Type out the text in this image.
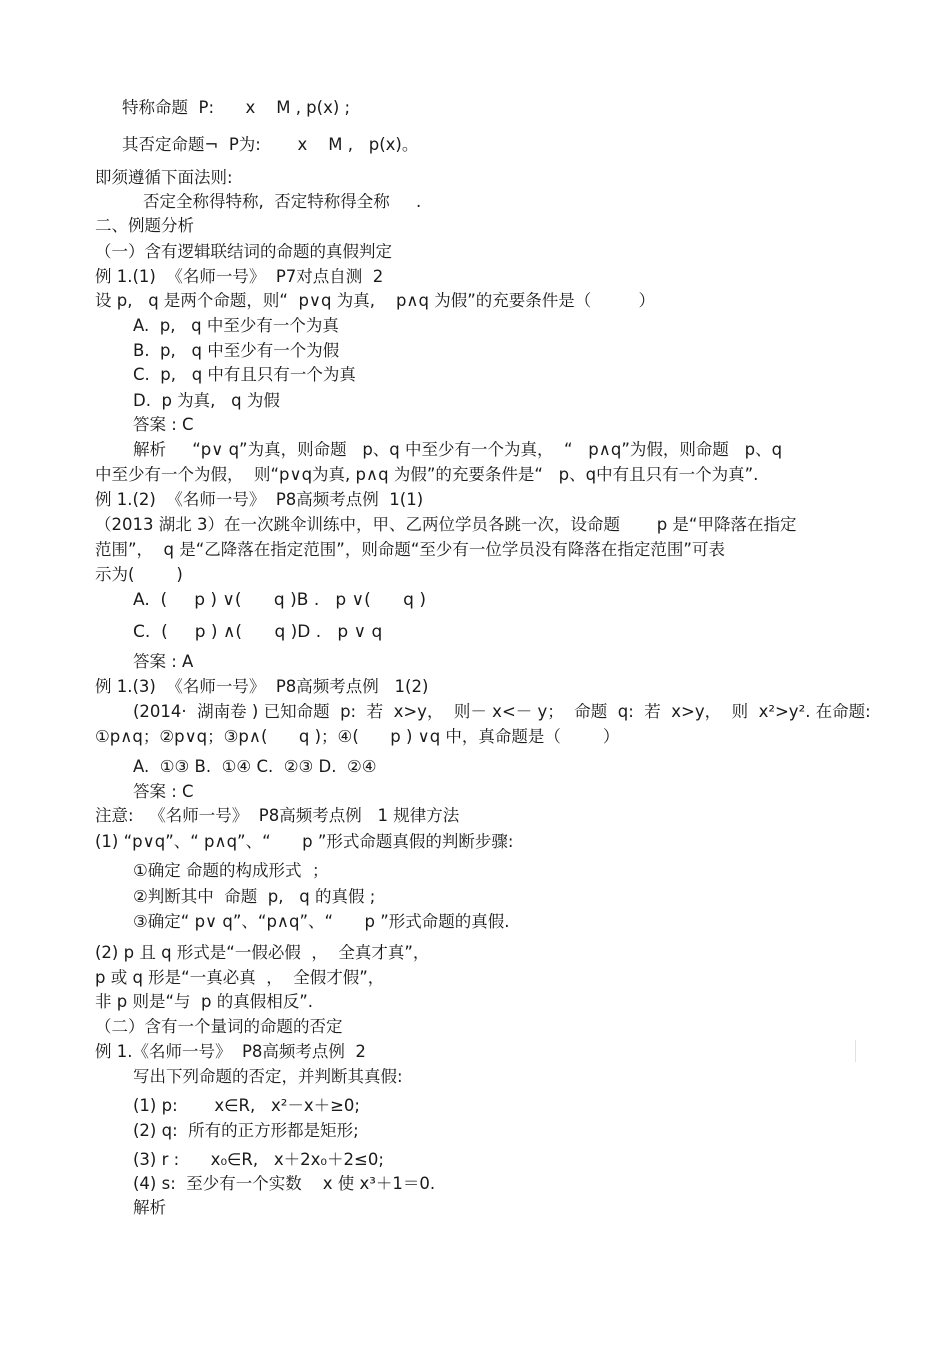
特称命题  P:      x    M , p(x) ;
其否定命题¬  P为:       x    M ,   p(x)。
即须遵循下面法则:
否定全称得特称,  否定特称得全称     .
二、例题分析
（一）含有逻辑联结词的命题的真假判定
例 1.(1)  《名师一号》  P7对点自测  2
设 p,   q 是两个命题，则“  p∨q 为真,    p∧q 为假”的充要条件是（         ）
A.  p,   q 中至少有一个为真
B.  p,   q 中至少有一个为假
C.  p,   q 中有且只有一个为真
D.  p 为真,   q 为假
答案 : C
解析     “p∨ q”为真，则命题   p、q 中至少有一个为真，  “   p∧q”为假，则命题   p、q
中至少有一个为假，  则“p∨q为真, p∧q 为假”的充要条件是“   p、q中有且只有一个为真”.
例 1.(2)  《名师一号》  P8高频考点例  1(1)
（2013 湖北 3）在一次跳伞训练中，甲、乙两位学员各跳一次，设命题       p 是“甲降落在指定
范围”，  q 是“乙降落在指定范围”，则命题“至少有一位学员没有降落在指定范围”可表
示为(        )
A.  (     p ) ∨(      q )B .   p ∨(      q )
C.  (     p ) ∧(      q )D .   p ∨ q
答案 : A
例 1.(3)  《名师一号》  P8高频考点例   1(2)
(2014·  湖南卷 ) 已知命题  p:  若  x>y，  则－ x<－ y；  命题  q:  若  x>y，  则  x²>y². 在命题:
①p∧q；②p∨q；③p∧(      q )；④(      p ) ∨q 中，真命题是（        ）
A.  ①③ B.  ①④ C.  ②③ D.  ②④
答案 : C
注意:   《名师一号》  P8高频考点例   1 规律方法
(1) “p∨q”、“ p∧q”、“      p ”形式命题真假的判断步骤:
①确定 命题的构成形式  ；
②判断其中  命题  p,   q 的真假 ;
③确定“ p∨ q”、“p∧q”、“      p ”形式命题的真假.
(2) p 且 q 形式是“一假必假  ，  全真才真”，
p 或 q 形是“一真必真  ，  全假才假”，
非 p 则是“与  p 的真假相反”.
（二）含有一个量词的命题的否定
例 1.《名师一号》  P8高频考点例  2
写出下列命题的否定，并判断其真假:
(1) p:       x∈R,   x²－x＋≥0;
(2) q:  所有的正方形都是矩形;
(3) r :      x₀∈R,   x＋2x₀＋2≤0;
(4) s:  至少有一个实数    x 使 x³＋1＝0.
解析
